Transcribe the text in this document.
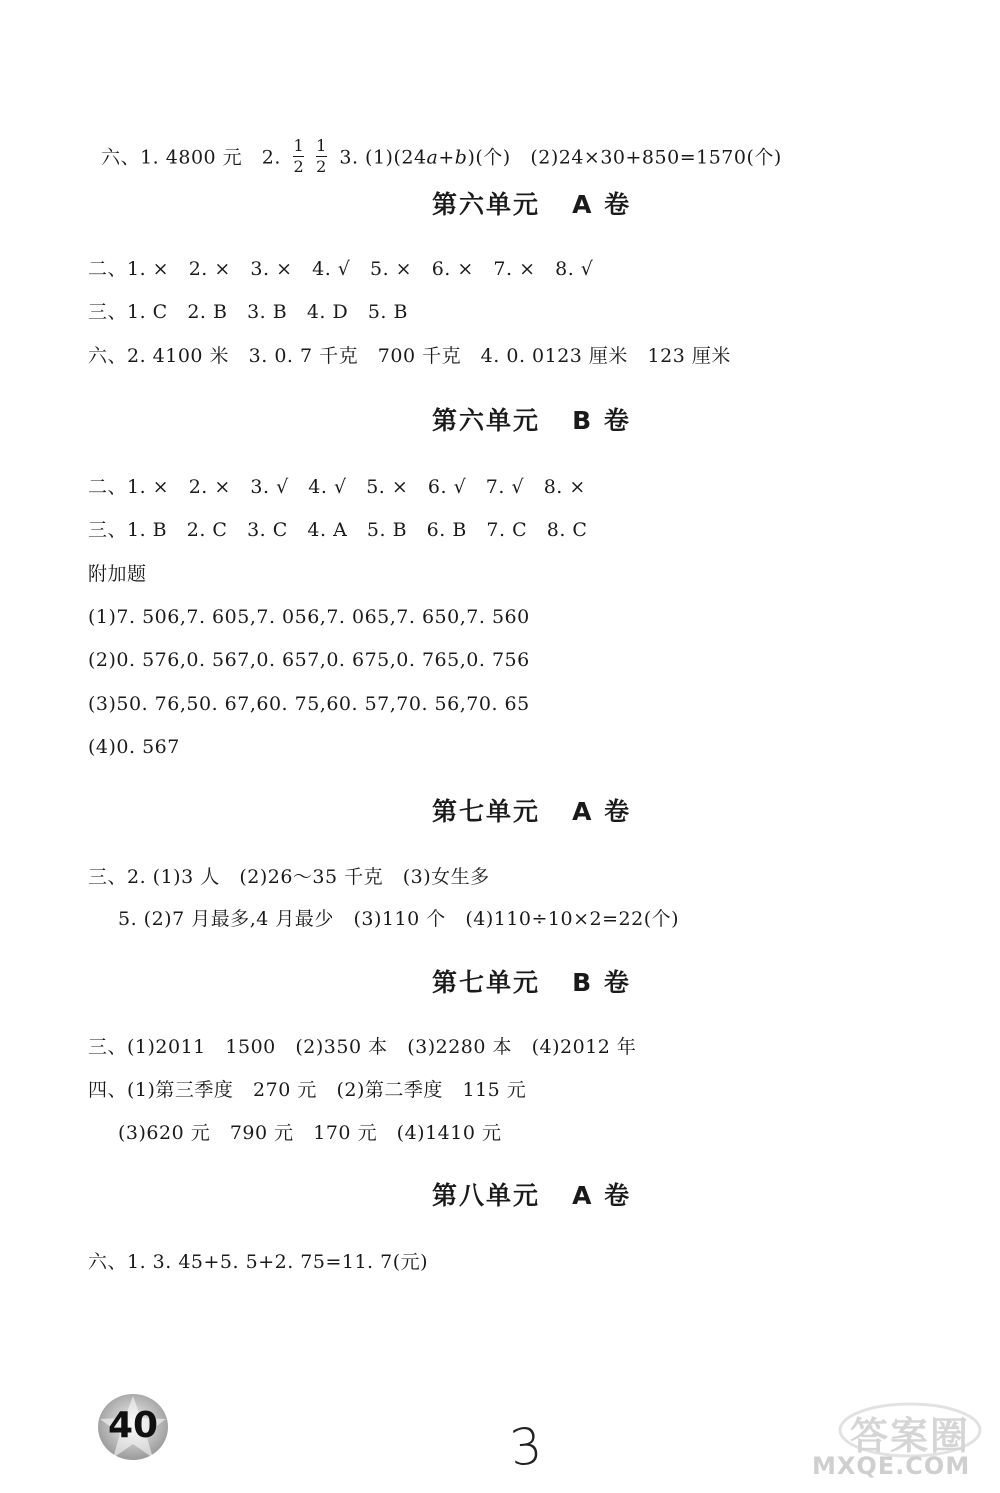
六、1. 4800 元   2. $\frac{1}{2} \frac{1}{2} 3$. (1)(24a+b)(个)   (2)24×30+850=1570(个)

第六单元   A 卷
二、1. ×   2. ×   3. ×   4. √   5. ×   6. ×   7. ×   8. √
三、1. C   2. B   3. B   4. D   5. B
六、2. 4100 米   3. 0. 7 千克   700 千克   4. 0. 0123 厘米   123 厘米
第六单元   B 卷
二、1. ×   2. ×   3. √   4. √   5. ×   6. √   7. √   8. ×
三、1. B   2. C   3. C   4. A   5. B   6. B   7. C   8. C
附加题
(1)7. 506,7. 605,7. 056,7. 065,7. 650,7. 560
(2)0. 576,0. 567,0. 657,0. 675,0. 765,0. 756
(3)50. 76,50. 67,60. 75,60. 57,70. 56,70. 65
(4)0. 567
第七单元   A 卷
三、2. (1)3 人   (2)26～35 千克   (3)女生多
5. (2)7 月最多,4 月最少   (3)110 个   (4)110÷10×2=22(个)
第七单元   B 卷
三、(1)2011   1500   (2)350 本   (3)2280 本   (4)2012 年
四、(1)第三季度   270 元   (2)第二季度   115 元
(3)620 元   790 元   170 元   (4)1410 元
第八单元   A 卷
六、1. 3. 45+5. 5+2. 75=11. 7(元)
40	3	答案圈
MXQE.COM
